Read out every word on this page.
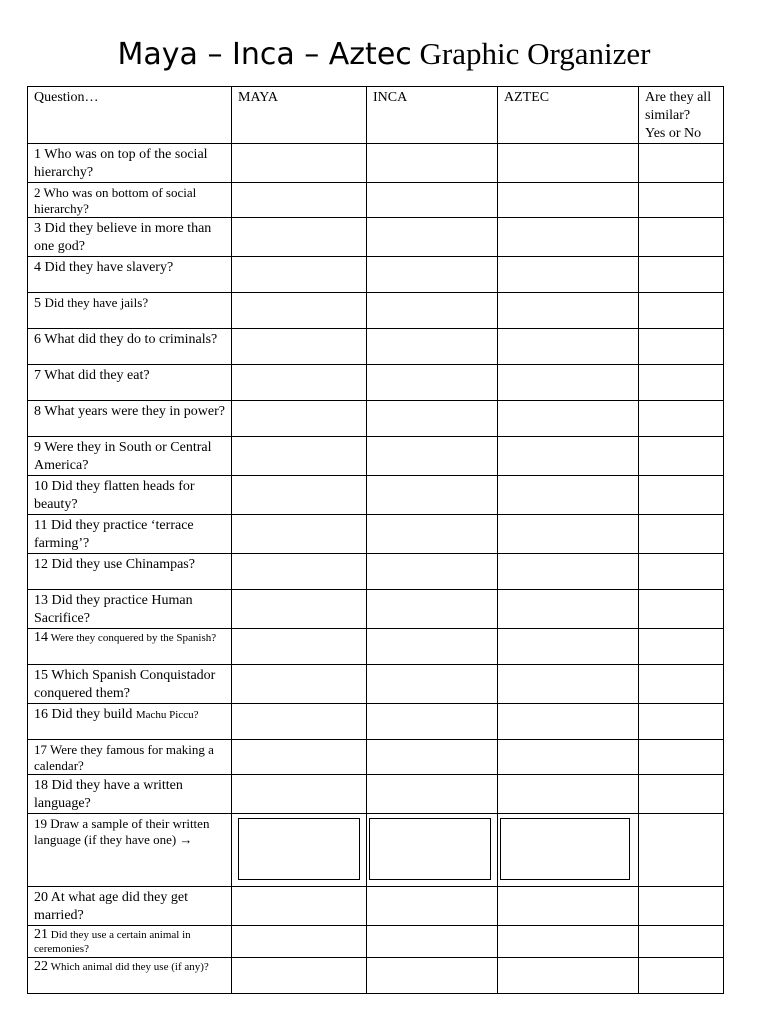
Maya – Inca – Aztec Graphic Organizer
Question…	MAYA	INCA	AZTEC	Are they all
similar?
Yes or No

1 Who was on top of the social hierarchy?				
2 Who was on bottom of social hierarchy?				
3 Did they believe in more than one god?				
4 Did they have slavery?				
5 Did they have jails?				
6 What did they do to criminals?				
7 What did they eat?				
8 What years were they in power?				
9 Were they in South or Central America?				
10 Did they flatten heads for beauty?				
11 Did they practice ‘terrace farming’?				
12 Did they use Chinampas?				
13 Did they practice Human Sacrifice?				
14 Were they conquered by the Spanish?				
15 Which Spanish Conquistador conquered them?				
16 Did they build Machu Piccu?				
17 Were they famous for making a calendar?				
18 Did they have a written language?				
19 Draw a sample of their written language (if they have one) →	

20 At what age did they get married?				
21 Did they use a certain animal in ceremonies?				
22 Which animal did they use (if any)?				
